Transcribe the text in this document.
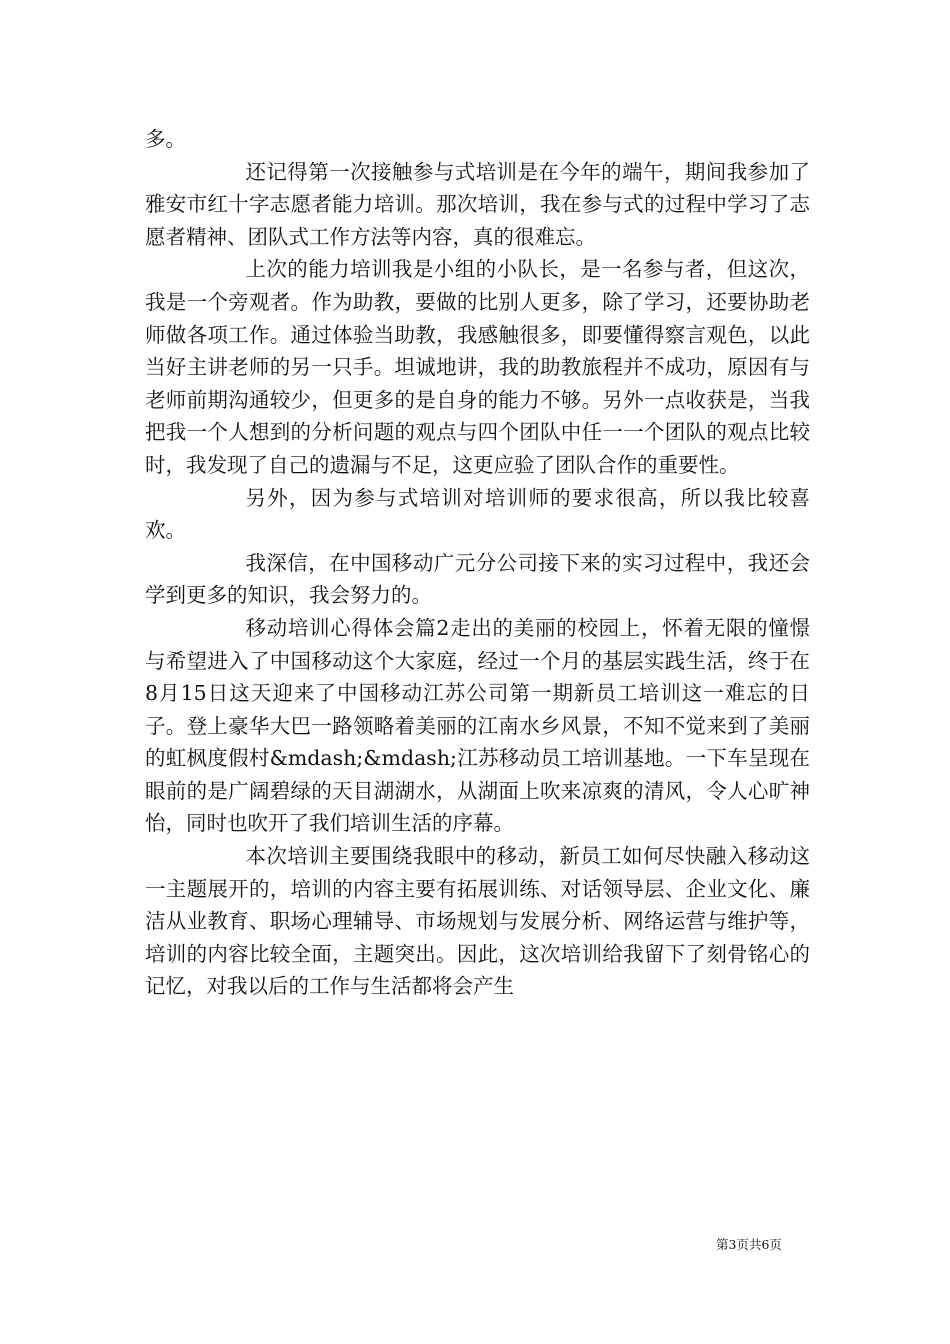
多。

还记得第一次接触参与式培训是在今年的端午，期间我参加了雅安市红十字志愿者能力培训。那次培训，我在参与式的过程中学习了志愿者精神、团队式工作方法等内容，真的很难忘。

上次的能力培训我是小组的小队长，是一名参与者，但这次，我是一个旁观者。作为助教，要做的比别人更多，除了学习，还要协助老师做各项工作。通过体验当助教，我感触很多，即要懂得察言观色，以此当好主讲老师的另一只手。坦诚地讲，我的助教旅程并不成功，原因有与老师前期沟通较少，但更多的是自身的能力不够。另外一点收获是，当我把我一个人想到的分析问题的观点与四个团队中任一一个团队的观点比较时，我发现了自己的遗漏与不足，这更应验了团队合作的重要性。

另外，因为参与式培训对培训师的要求很高，所以我比较喜欢。

我深信，在中国移动广元分公司接下来的实习过程中，我还会学到更多的知识，我会努力的。

移动培训心得体会篇2走出的美丽的校园上，怀着无限的憧憬与希望进入了中国移动这个大家庭，经过一个月的基层实践生活，终于在8月15日这天迎来了中国移动江苏公司第一期新员工培训这一难忘的日子。登上豪华大巴一路领略着美丽的江南水乡风景，不知不觉来到了美丽的虹枫度假村&mdash;&mdash;江苏移动员工培训基地。一下车呈现在眼前的是广阔碧绿的天目湖湖水，从湖面上吹来凉爽的清风，令人心旷神怡，同时也吹开了我们培训生活的序幕。

本次培训主要围绕我眼中的移动，新员工如何尽快融入移动这一主题展开的，培训的内容主要有拓展训练、对话领导层、企业文化、廉洁从业教育、职场心理辅导、市场规划与发展分析、网络运营与维护等，培训的内容比较全面，主题突出。因此，这次培训给我留下了刻骨铭心的记忆，对我以后的工作与生活都将会产生

第3页共6页
